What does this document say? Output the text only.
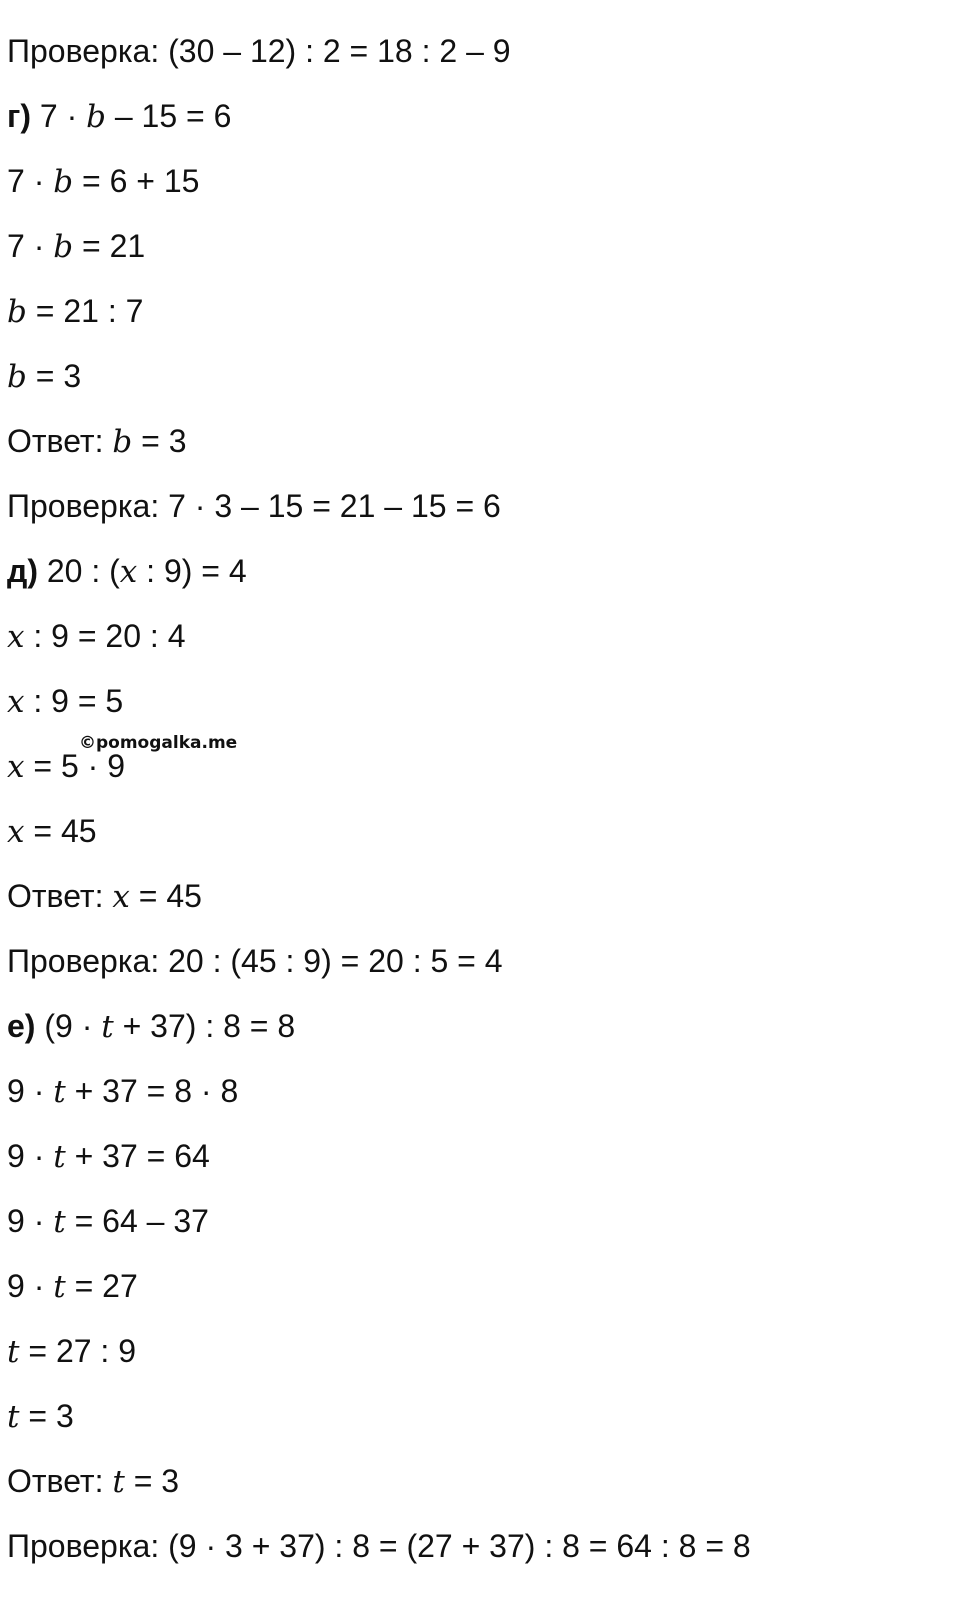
Проверка: (30 – 12) : 2 = 18 : 2 – 9
г) 7 · b – 15 = 6
7 · b = 6 + 15
7 · b = 21
b = 21 : 7
b = 3
Ответ: b = 3
Проверка: 7 · 3 – 15 = 21 – 15 = 6
д) 20 : (x : 9) = 4
x : 9 = 20 : 4
x : 9 = 5
x = 5 · 9
x = 45
Ответ: x = 45
Проверка: 20 : (45 : 9) = 20 : 5 = 4
е) (9 · t + 37) : 8 = 8
9 · t + 37 = 8 · 8
9 · t + 37 = 64
9 · t = 64 – 37
9 · t = 27
t = 27 : 9
t = 3
Ответ: t = 3
Проверка: (9 · 3 + 37) : 8 = (27 + 37) : 8 = 64 : 8 = 8
©pomogalka.me
